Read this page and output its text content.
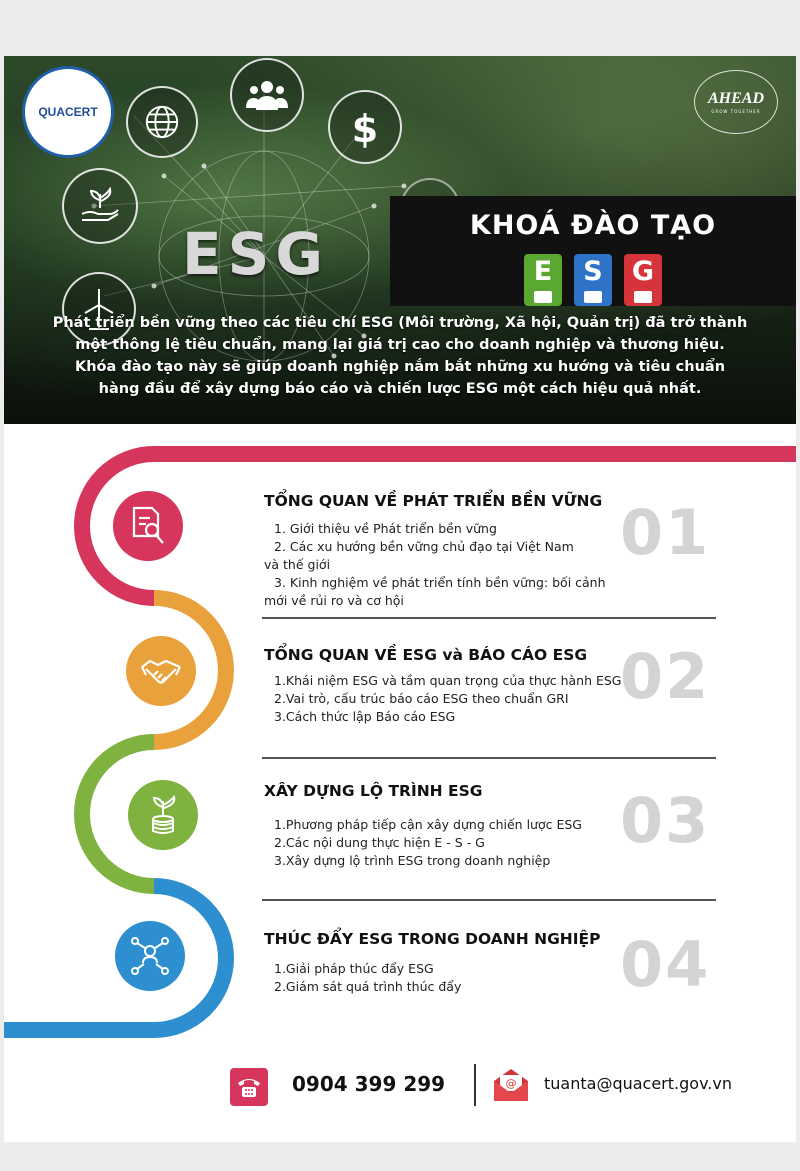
QUACERT	$
AHEAD
GROW TOGETHER
ESG	KHOÁ ĐÀO TẠO
E	S	G
Phát triển bền vững theo các tiêu chí ESG (Môi trường, Xã hội, Quản trị) đã trở thành
một thông lệ tiêu chuẩn, mang lại giá trị cao cho doanh nghiệp và thương hiệu.
Khóa đào tạo này sẽ giúp doanh nghiệp nắm bắt những xu hướng và tiêu chuẩn
hàng đầu để xây dựng báo cáo và chiến lược ESG một cách hiệu quả nhất.
TỔNG QUAN VỀ PHÁT TRIỂN BỀN VỮNG
1. Giới thiệu về Phát triển bền vững
2. Các xu hướng bền vững chủ đạo tại Việt Nam
và thế giới
3. Kinh nghiệm về phát triển tính bền vững: bối cảnh
mới về rủi ro và cơ hội
01
TỔNG QUAN VỀ ESG và BÁO CÁO ESG
1.Khái niệm ESG và tầm quan trọng của thực hành ESG
2.Vai trò, cấu trúc báo cáo ESG theo chuẩn GRI
3.Cách thức lập Báo cáo ESG
02
XÂY DỰNG LỘ TRÌNH ESG
1.Phương pháp tiếp cận xây dựng chiến lược ESG
2.Các nội dung thực hiện E - S - G
3.Xây dựng lộ trình ESG trong doanh nghiệp
03
THÚC ĐẨY ESG TRONG DOANH NGHIỆP
1.Giải pháp thúc đẩy ESG
2.Giám sát quá trình thúc đẩy	04
0904 399 299	@ tuanta@quacert.gov.vn
